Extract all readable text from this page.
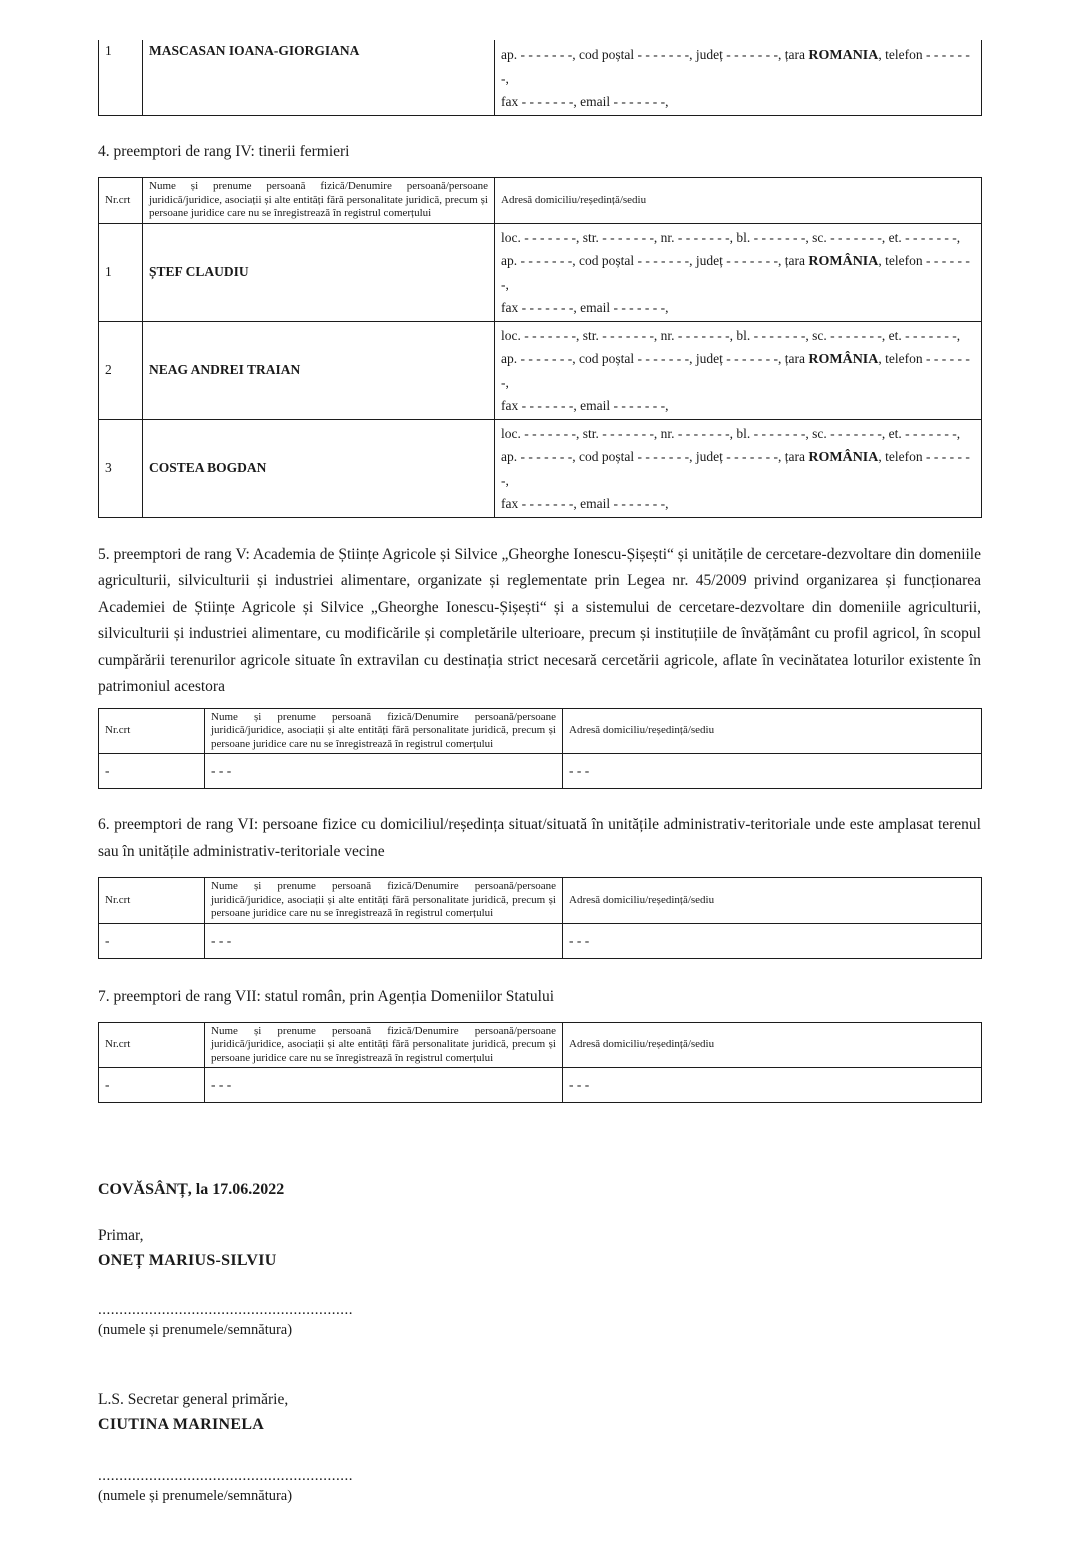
1	MASCASAN IOANA-GIORGIANA	ap. - - - - - - -, cod poștal - - - - - - -, județ - - - - - - -, țara ROMANIA, telefon - - - - - - -,
fax - - - - - - -, email - - - - - - -,
4. preemptori de rang IV: tinerii fermieri
Nr.crt	Nume și prenume persoană fizică/Denumire persoană/persoane juridică/juridice, asociații și alte entități fără personalitate juridică, precum și persoane juridice care nu se înregistrează în registrul comerțului	Adresă domiciliu/reședință/sediu
1	ȘTEF CLAUDIU	loc. - - - - - - -, str. - - - - - - -, nr. - - - - - - -, bl. - - - - - - -, sc. - - - - - - -, et. - - - - - - -,
ap. - - - - - - -, cod poștal - - - - - - -, județ - - - - - - -, țara ROMÂNIA, telefon - - - - - - -,
fax - - - - - - -, email - - - - - - -,
2	NEAG ANDREI TRAIAN	loc. - - - - - - -, str. - - - - - - -, nr. - - - - - - -, bl. - - - - - - -, sc. - - - - - - -, et. - - - - - - -,
ap. - - - - - - -, cod poștal - - - - - - -, județ - - - - - - -, țara ROMÂNIA, telefon - - - - - - -,
fax - - - - - - -, email - - - - - - -,
3	COSTEA BOGDAN	loc. - - - - - - -, str. - - - - - - -, nr. - - - - - - -, bl. - - - - - - -, sc. - - - - - - -, et. - - - - - - -,
ap. - - - - - - -, cod poștal - - - - - - -, județ - - - - - - -, țara ROMÂNIA, telefon - - - - - - -,
fax - - - - - - -, email - - - - - - -,
5. preemptori de rang V: Academia de Științe Agricole și Silvice „Gheorghe Ionescu-Șișești“ și unitățile de cercetare-dezvoltare din domeniile agriculturii, silviculturii și industriei alimentare, organizate și reglementate prin Legea nr. 45/2009 privind organizarea și funcționarea Academiei de Științe Agricole și Silvice „Gheorghe Ionescu-Șișești“ și a sistemului de cercetare-dezvoltare din domeniile agriculturii, silviculturii și industriei alimentare, cu modificările și completările ulterioare, precum și instituțiile de învățământ cu profil agricol, în scopul cumpărării terenurilor agricole situate în extravilan cu destinația strict necesară cercetării agricole, aflate în vecinătatea loturilor existente în patrimoniul acestora
Nr.crt	Nume și prenume persoană fizică/Denumire persoană/persoane juridică/juridice, asociații și alte entități fără personalitate juridică, precum și persoane juridice care nu se înregistrează în registrul comerțului	Adresă domiciliu/reședință/sediu
-	- - -	- - -
6. preemptori de rang VI: persoane fizice cu domiciliul/reședința situat/situată în unitățile administrativ-teritoriale unde este amplasat terenul sau în unitățile administrativ-teritoriale vecine
Nr.crt	Nume și prenume persoană fizică/Denumire persoană/persoane juridică/juridice, asociații și alte entități fără personalitate juridică, precum și persoane juridice care nu se înregistrează în registrul comerțului	Adresă domiciliu/reședință/sediu
-	- - -	- - -
7. preemptori de rang VII: statul român, prin Agenția Domeniilor Statului
Nr.crt	Nume și prenume persoană fizică/Denumire persoană/persoane juridică/juridice, asociații și alte entități fără personalitate juridică, precum și persoane juridice care nu se înregistrează în registrul comerțului	Adresă domiciliu/reședință/sediu
-	- - -	- - -
COVĂSÂNȚ, la 17.06.2022
Primar,
ONEȚ MARIUS-SILVIU
............................................................
(numele și prenumele/semnătura)
L.S. Secretar general primărie,
CIUTINA MARINELA
............................................................
(numele și prenumele/semnătura)
